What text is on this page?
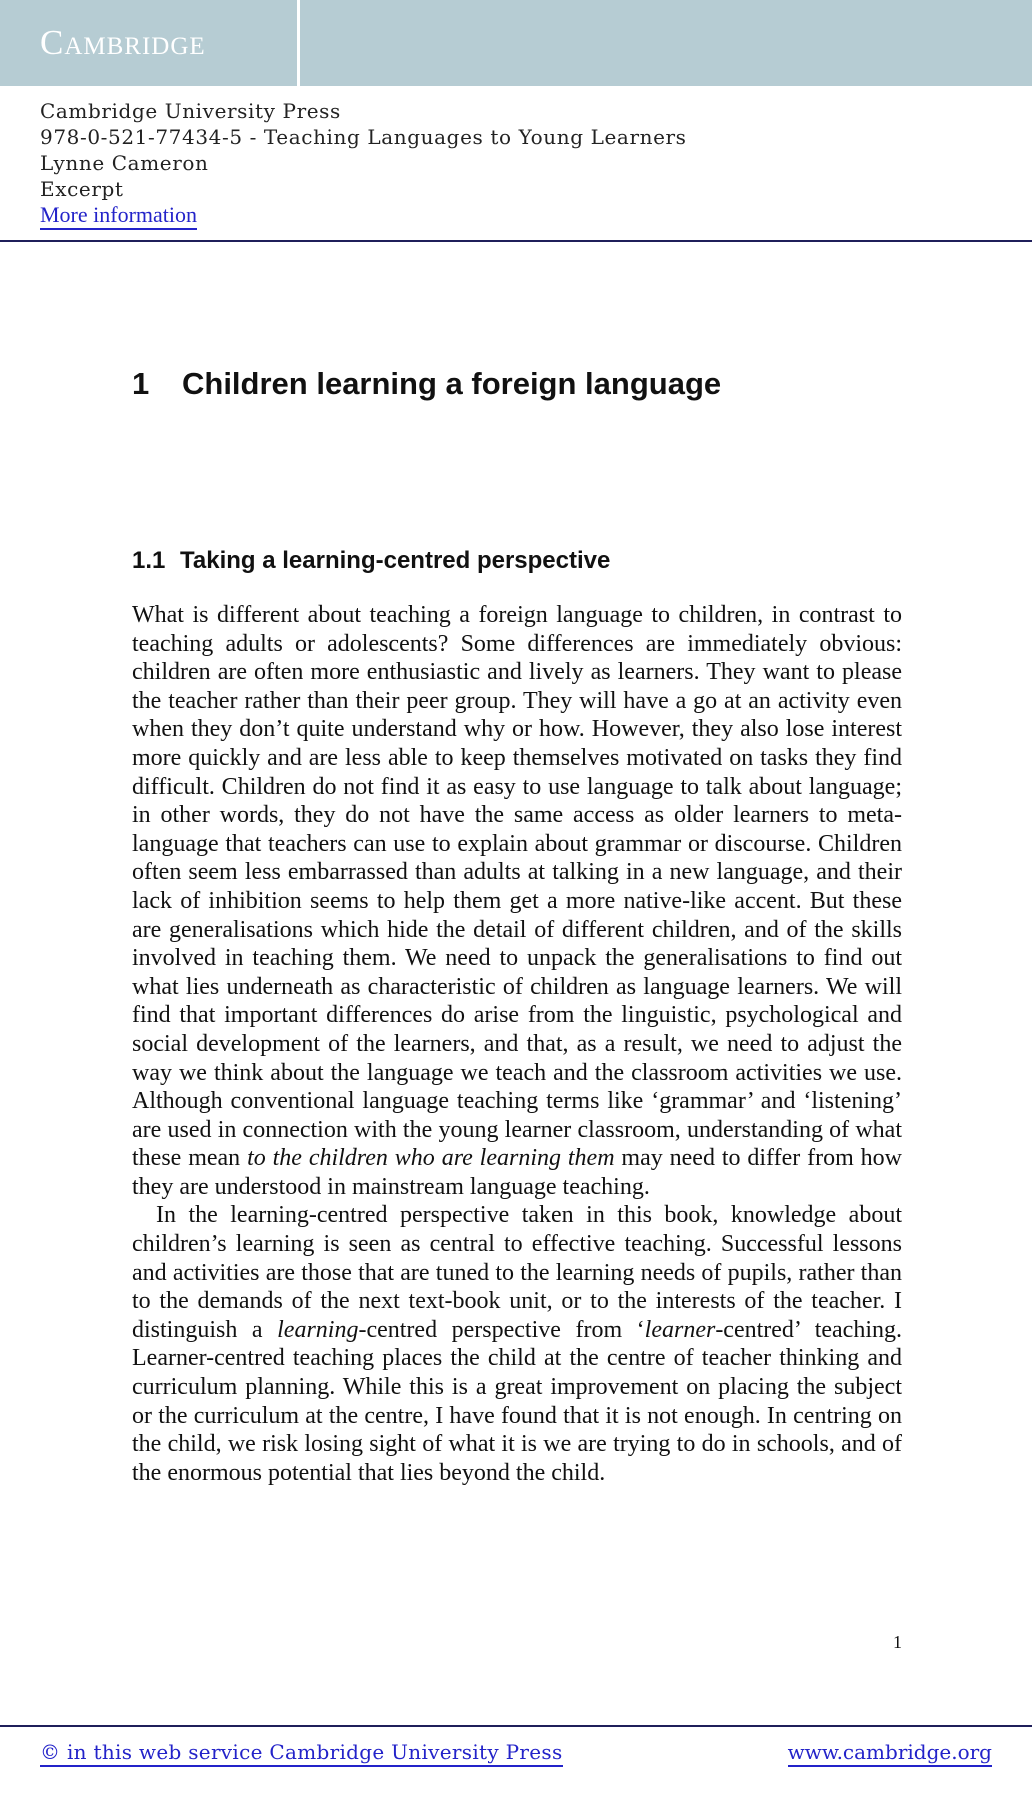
Cambridge
Cambridge University Press
978-0-521-77434-5 - Teaching Languages to Young Learners
Lynne Cameron
Excerpt
More information
1 Children learning a foreign language
1.1 Taking a learning-centred perspective

What is different about teaching a foreign language to children, in contrast to teaching adults or adolescents? Some differences are immediately obvious: children are often more enthusiastic and lively as learners. They want to please the teacher rather than their peer group. They will have a go at an activity even when they don’t quite understand why or how. However, they also lose interest more quickly and are less able to keep themselves motivated on tasks they find difficult. Children do not find it as easy to use language to talk about language; in other words, they do not have the same access as older learners to metalanguage that teachers can use to explain about grammar or discourse. Children often seem less embarrassed than adults at talking in a new language, and their lack of inhibition seems to help them get a more native-like accent. But these are generalisations which hide the detail of different children, and of the skills involved in teaching them. We need to unpack the generalisations to find out what lies underneath as characteristic of children as language learners. We will find that important differences do arise from the linguistic, psychological and social development of the learners, and that, as a result, we need to adjust the way we think about the language we teach and the classroom activities we use. Although conventional language teaching terms like ‘grammar’ and ‘listening’ are used in connection with the young learner classroom, understanding of what these mean to the children who are learning them may need to differ from how they are understood in mainstream language teaching.

In the learning-centred perspective taken in this book, knowledge about children’s learning is seen as central to effective teaching. Successful lessons and activities are those that are tuned to the learning needs of pupils, rather than to the demands of the next text-book unit, or to the interests of the teacher. I distinguish a learning-centred perspective from ‘learner-centred’ teaching. Learner-centred teaching places the child at the centre of teacher thinking and curriculum planning. While this is a great improvement on placing the subject or the curriculum at the centre, I have found that it is not enough. In centring on the child, we risk losing sight of what it is we are trying to do in schools, and of the enormous potential that lies beyond the child.

1
© in this web service Cambridge University Press	www.cambridge.org
